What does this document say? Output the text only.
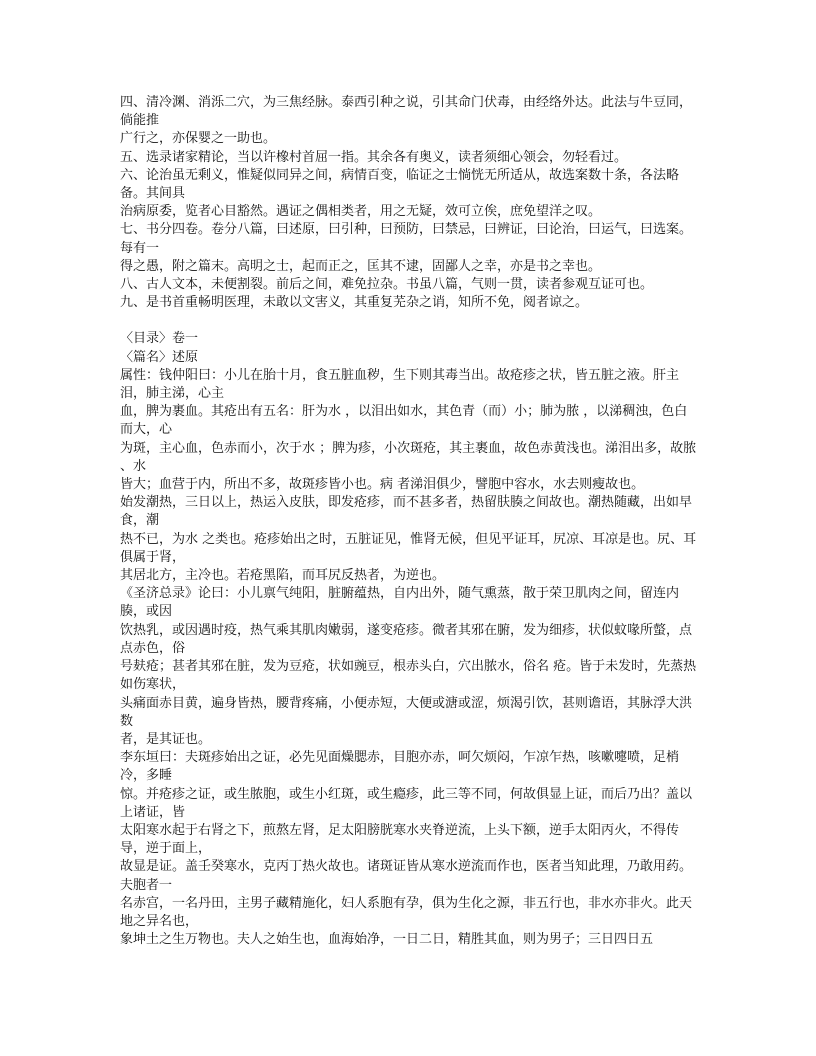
四、清冷渊、消泺二穴，为三焦经脉。泰西引种之说，引其命门伏毒，由经络外达。此法与牛豆同，倘能推
广行之，亦保婴之一助也。
五、选录诸家精论，当以许橡村首屈一指。其余各有奥义，读者须细心领会，勿轻看过。
六、论治虽无剩义，惟疑似同异之间，病情百变，临证之士惝恍无所适从，故选案数十条，各法略备。其间具
治病原委，览者心目豁然。遇证之偶相类者，用之无疑，效可立俟，庶免望洋之叹。
七、书分四卷。卷分八篇，曰述原，曰引种，曰预防，曰禁忌，曰辨证，曰论治，曰运气，曰选案。每有一
得之愚，附之篇末。高明之士，起而正之，匡其不逮，固鄙人之幸，亦是书之幸也。
八、古人文本，未便割裂。前后之间，难免拉杂。书虽八篇，气则一贯，读者参观互证可也。
九、是书首重畅明医理，未敢以文害义，其重复芜杂之诮，知所不免，阅者谅之。
〈目录〉卷一
〈篇名〉述原
属性：钱仲阳曰：小儿在胎十月，食五脏血秽，生下则其毒当出。故疮疹之状，皆五脏之液。肝主泪，肺主涕，心主
血，脾为裹血。其疮出有五名：肝为水 ，以泪出如水，其色青（而）小；肺为脓 ，以涕稠浊，色白而大，心
为斑，主心血，色赤而小，次于水 ；脾为疹，小次斑疮，其主裹血，故色赤黄浅也。涕泪出多，故脓 、水
皆大；血营于内，所出不多，故斑疹皆小也。病 者涕泪俱少，譬胞中容水，水去则瘦故也。
始发潮热，三日以上，热运入皮肤，即发疮疹，而不甚多者，热留肤腠之间故也。潮热随藏，出如早食，潮
热不已，为水 之类也。疮疹始出之时，五脏证见，惟肾无候，但见平证耳，尻凉、耳凉是也。尻、耳俱属于肾，
其居北方，主冷也。若疮黑陷，而耳尻反热者，为逆也。
《圣济总录》论曰：小儿禀气纯阳，脏腑蕴热，自内出外，随气熏蒸，散于荣卫肌肉之间，留连内腠，或因
饮热乳，或因遇时疫，热气乘其肌肉嫩弱，遂变疮疹。微者其邪在腑，发为细疹，状似蚊喙所螫，点点赤色，俗
号麸疮；甚者其邪在脏，发为豆疮，状如豌豆，根赤头白，穴出脓水，俗名 疮。皆于未发时，先蒸热如伤寒状，
头痛面赤目黄，遍身皆热，腰背疼痛，小便赤短，大便或溏或涩，烦渴引饮，甚则谵语，其脉浮大洪数
者，是其证也。
李东垣曰：夫斑疹始出之证，必先见面燥腮赤，目胞亦赤，呵欠烦闷，乍凉乍热，咳嗽嚏喷，足梢冷，多睡
惊。并疮疹之证，或生脓胞，或生小红斑，或生瘾疹，此三等不同，何故俱显上证，而后乃出？盖以上诸证，皆
太阳寒水起于右肾之下，煎熬左肾，足太阳膀胱寒水夹脊逆流，上头下额，逆手太阳丙火，不得传导，逆于面上，
故显是证。盖壬癸寒水，克丙丁热火故也。诸斑证皆从寒水逆流而作也，医者当知此理，乃敢用药。夫胞者一
名赤宫，一名丹田，主男子藏精施化，妇人系胞有孕，俱为生化之源，非五行也，非水亦非火。此天地之异名也，
象坤土之生万物也。夫人之始生也，血海始净，一日二日，精胜其血，则为男子；三日四日五
